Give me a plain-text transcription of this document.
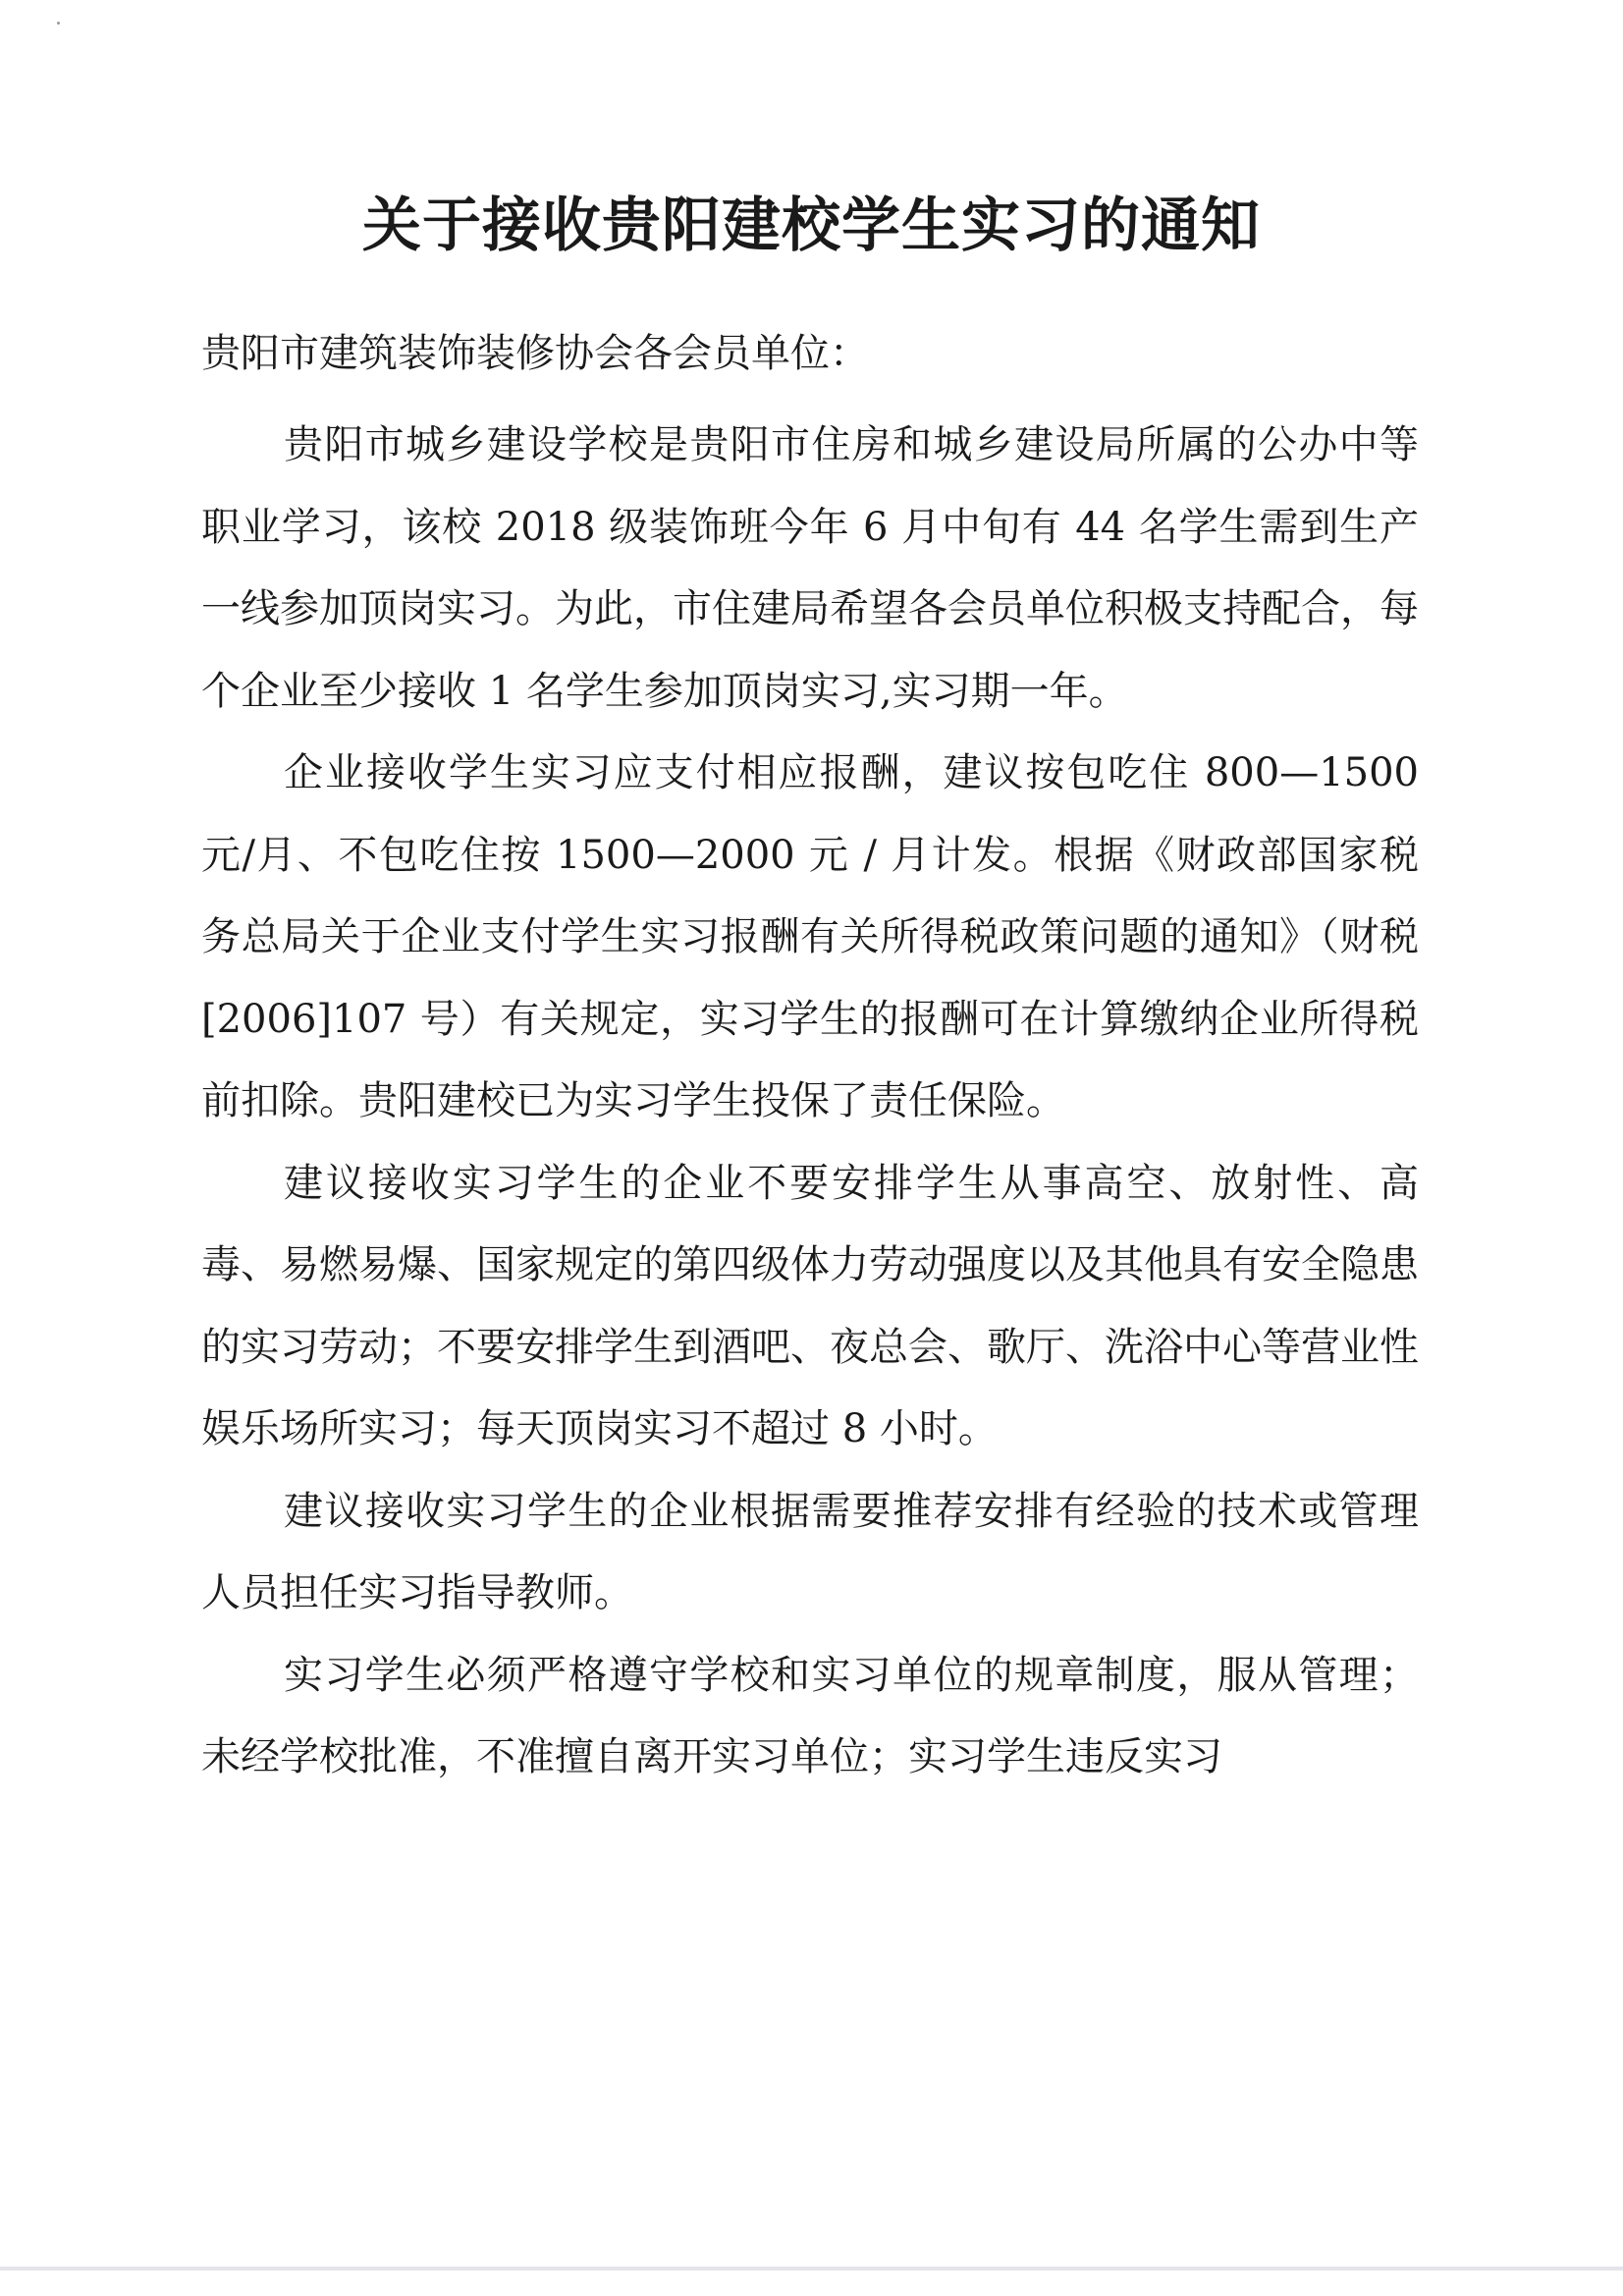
关于接收贵阳建校学生实习的通知

贵阳市建筑装饰装修协会各会员单位：

贵阳市城乡建设学校是贵阳市住房和城乡建设局所属的公办中等职业学习，该校 2018 级装饰班今年 6 月中旬有 44 名学生需到生产一线参加顶岗实习。为此，市住建局希望各会员单位积极支持配合，每个企业至少接收 1 名学生参加顶岗实习,实习期一年。

企业接收学生实习应支付相应报酬，建议按包吃住 800—1500 元/月、不包吃住按 1500—2000 元 / 月计发。根据《财政部国家税务总局关于企业支付学生实习报酬有关所得税政策问题的通知》（财税[2006]107 号）有关规定，实习学生的报酬可在计算缴纳企业所得税前扣除。贵阳建校已为实习学生投保了责任保险。

建议接收实习学生的企业不要安排学生从事高空、放射性、高毒、易燃易爆、国家规定的第四级体力劳动强度以及其他具有安全隐患的实习劳动；不要安排学生到酒吧、夜总会、歌厅、洗浴中心等营业性娱乐场所实习；每天顶岗实习不超过 8 小时。

建议接收实习学生的企业根据需要推荐安排有经验的技术或管理人员担任实习指导教师。

实习学生必须严格遵守学校和实习单位的规章制度，服从管理；未经学校批准，不准擅自离开实习单位；实习学生违反实习
